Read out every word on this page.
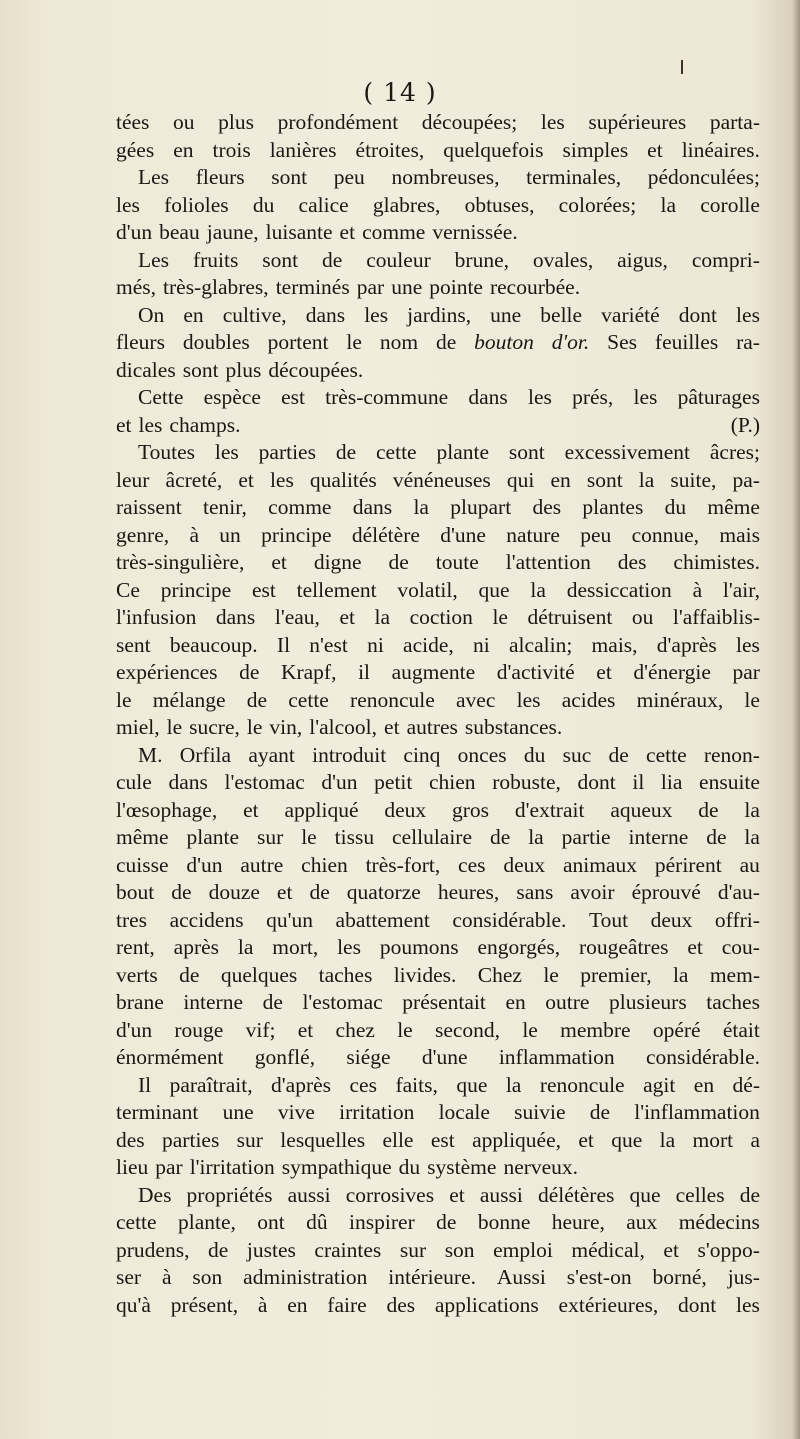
( 14 )
tées ou plus profondément découpées; les supérieures parta-
gées en trois lanières étroites, quelquefois simples et linéaires.
Les fleurs sont peu nombreuses, terminales, pédonculées;
les folioles du calice glabres, obtuses, colorées; la corolle
d'un beau jaune, luisante et comme vernissée.
Les fruits sont de couleur brune, ovales, aigus, compri-
més, très-glabres, terminés par une pointe recourbée.
On en cultive, dans les jardins, une belle variété dont les
fleurs doubles portent le nom de bouton d'or. Ses feuilles ra-
dicales sont plus découpées.
Cette espèce est très-commune dans les prés, les pâturages
et les champs.	(P.)
Toutes les parties de cette plante sont excessivement âcres;
leur âcreté, et les qualités vénéneuses qui en sont la suite, pa-
raissent tenir, comme dans la plupart des plantes du même
genre, à un principe délétère d'une nature peu connue, mais
très-singulière, et digne de toute l'attention des chimistes.
Ce principe est tellement volatil, que la dessiccation à l'air,
l'infusion dans l'eau, et la coction le détruisent ou l'affaiblis-
sent beaucoup. Il n'est ni acide, ni alcalin; mais, d'après les
expériences de Krapf, il augmente d'activité et d'énergie par
le mélange de cette renoncule avec les acides minéraux, le
miel, le sucre, le vin, l'alcool, et autres substances.
M. Orfila ayant introduit cinq onces du suc de cette renon-
cule dans l'estomac d'un petit chien robuste, dont il lia ensuite
l'œsophage, et appliqué deux gros d'extrait aqueux de la
même plante sur le tissu cellulaire de la partie interne de la
cuisse d'un autre chien très-fort, ces deux animaux périrent au
bout de douze et de quatorze heures, sans avoir éprouvé d'au-
tres accidens qu'un abattement considérable. Tout deux offri-
rent, après la mort, les poumons engorgés, rougeâtres et cou-
verts de quelques taches livides. Chez le premier, la mem-
brane interne de l'estomac présentait en outre plusieurs taches
d'un rouge vif; et chez le second, le membre opéré était
énormément gonflé, siége d'une inflammation considérable.
Il paraîtrait, d'après ces faits, que la renoncule agit en dé-
terminant une vive irritation locale suivie de l'inflammation
des parties sur lesquelles elle est appliquée, et que la mort a
lieu par l'irritation sympathique du système nerveux.
Des propriétés aussi corrosives et aussi délétères que celles de
cette plante, ont dû inspirer de bonne heure, aux médecins
prudens, de justes craintes sur son emploi médical, et s'oppo-
ser à son administration intérieure. Aussi s'est-on borné, jus-
qu'à présent, à en faire des applications extérieures, dont les
